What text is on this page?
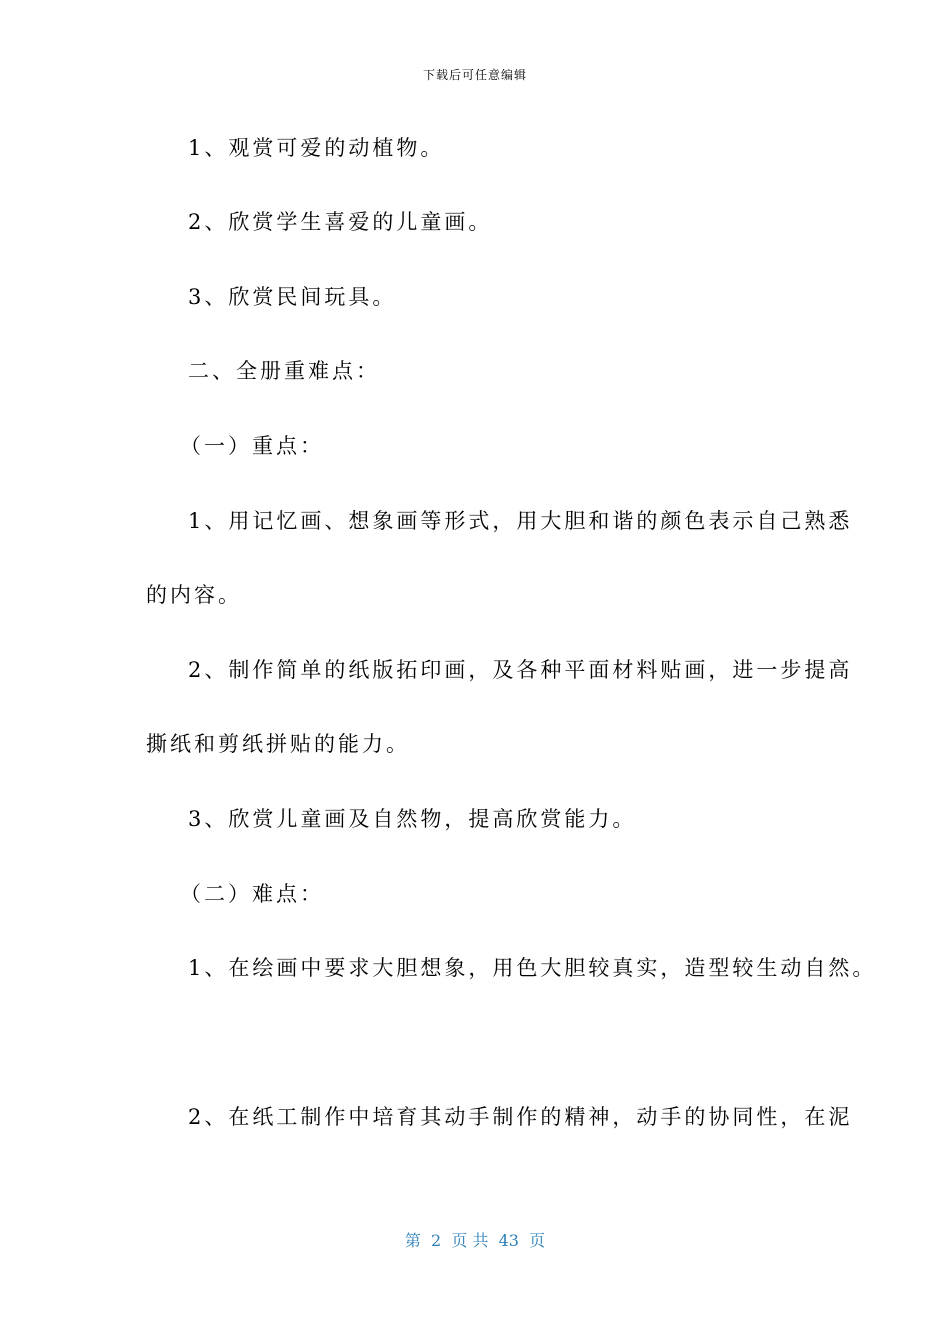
下载后可任意编辑
1、观赏可爱的动植物。
2、欣赏学生喜爱的儿童画。
3、欣赏民间玩具。
二、全册重难点：
（一）重点：
1、用记忆画、想象画等形式，用大胆和谐的颜色表示自己熟悉
的内容。
2、制作简单的纸版拓印画，及各种平面材料贴画，进一步提高
撕纸和剪纸拼贴的能力。
3、欣赏儿童画及自然物，提高欣赏能力。
（二）难点：
1、在绘画中要求大胆想象，用色大胆较真实，造型较生动自然。
2、在纸工制作中培育其动手制作的精神，动手的协同性，在泥
第  2  页 共  43  页
